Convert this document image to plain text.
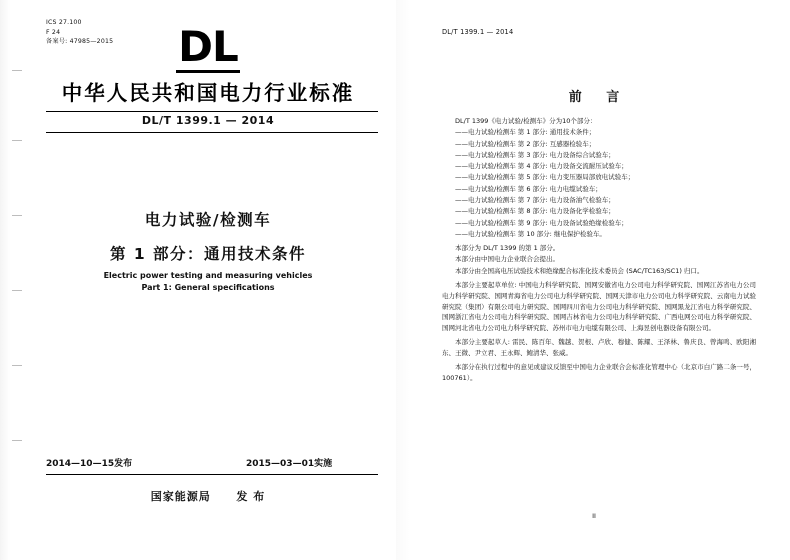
ICS 27.100
F 24
备案号: 47985—2015	DL
中华人民共和国电力行业标准
DL/T 1399.1 — 2014
电力试验/检测车
第 1 部分：通用技术条件
Electric power testing and measuring vehicles
Part 1: General specifications
2014—10—15发布	2015—03—01实施
国家能源局 发 布
DL/T 1399.1 — 2014
前 言

DL/T 1399《电力试验/检测车》分为10个部分：

——电力试验/检测车 第 1 部分: 通用技术条件；

——电力试验/检测车 第 2 部分: 互感器检验车；

——电力试验/检测车 第 3 部分: 电力设备综合试验车；

——电力试验/检测车 第 4 部分: 电力设备交流耐压试验车；

——电力试验/检测车 第 5 部分: 电力变压器局部放电试验车；

——电力试验/检测车 第 6 部分: 电力电缆试验车；

——电力试验/检测车 第 7 部分: 电力设备油气检验车；

——电力试验/检测车 第 8 部分: 电力设备化学检验车；

——电力试验/检测车 第 9 部分: 电力设备试验绝缘检验车；

——电力试验/检测车 第 10 部分: 继电保护检验车。

本部分为 DL/T 1399 的第 1 部分。

本部分由中国电力企业联合会提出。

本部分由全国高电压试验技术和绝缘配合标准化技术委员会 (SAC/TC163/SC1) 归口。

本部分主要起草单位: 中国电力科学研究院、国网安徽省电力公司电力科学研究院、国网江苏省电力公司电力科学研究院、国网青海省电力公司电力科学研究院、国网天津市电力公司电力科学研究院、云南电力试验研究院（集团）有限公司电力研究院、国网四川省电力公司电力科学研究院、国网黑龙江省电力科学研究院、国网浙江省电力公司电力科学研究院、国网吉林省电力公司电力科学研究院、广西电网公司电力科学研究院、国网河北省电力公司电力科学研究院、苏州市电力电缆有限公司、上海昱创电器设备有限公司。

本部分主要起草人: 雷民、陈百年、魏越、贺根、卢欣、穆健、陈耀、王泽林、鲁庆良、曾海鸣、欧阳湘东、王微、尹立君、王永辉、鲍清华、张威。

本部分在执行过程中的意见或建议反馈至中国电力企业联合会标准化管理中心（北京市白广路二条一号，100761）。

II
